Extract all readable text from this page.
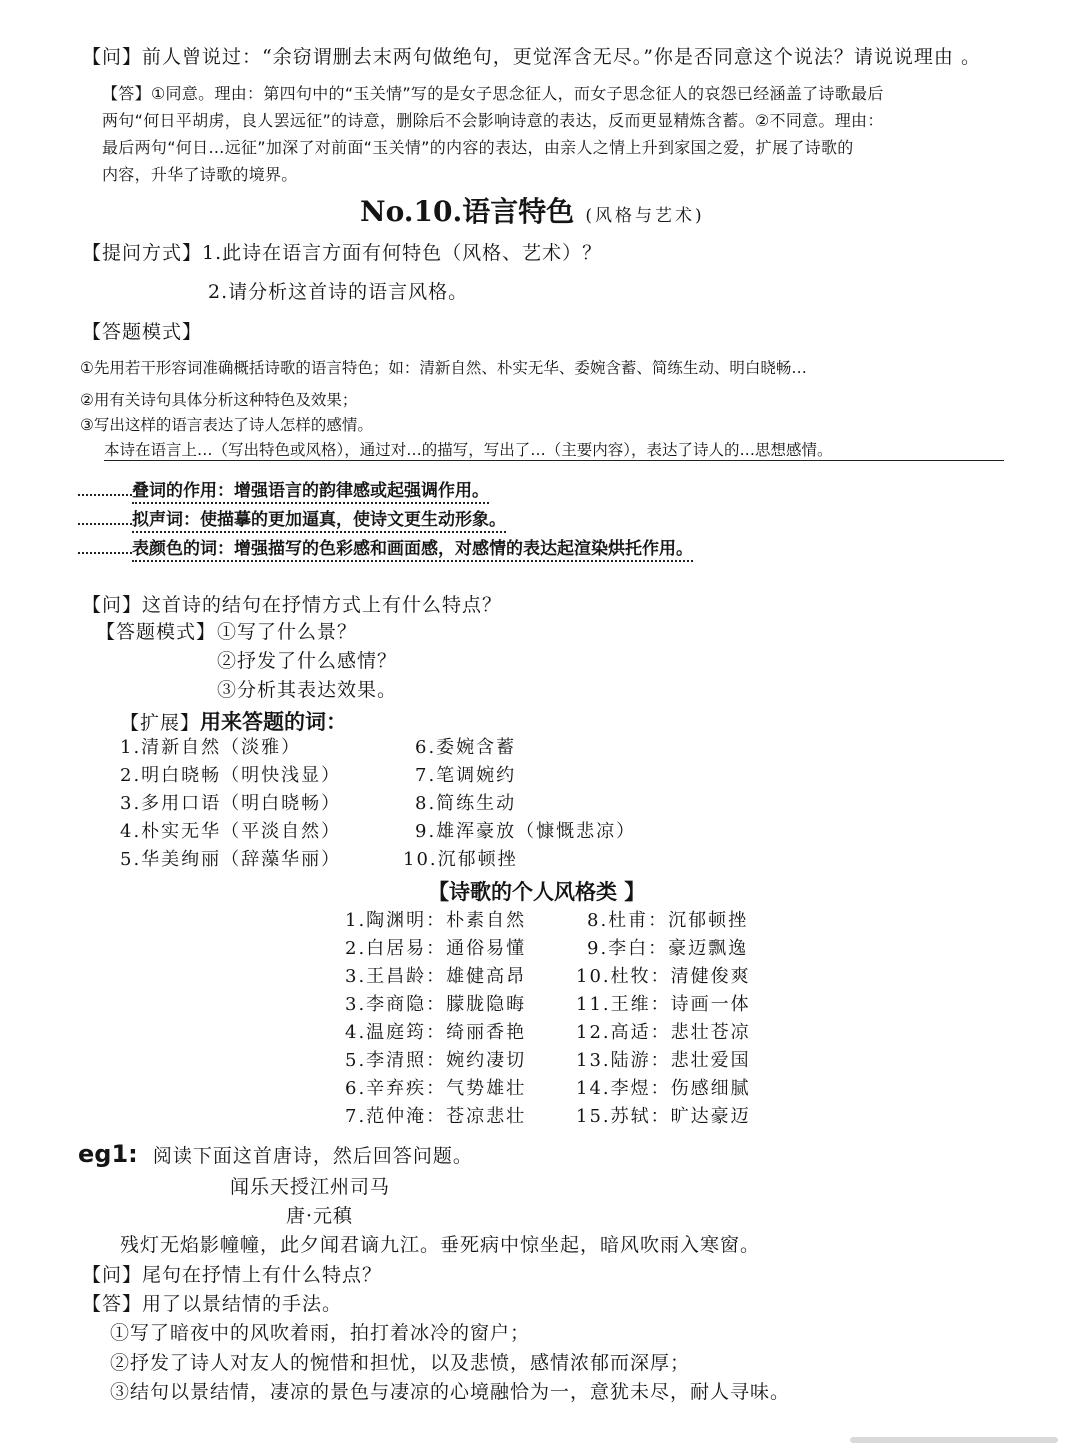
【问】前人曾说过：“余窃谓删去末两句做绝句，更觉浑含无尽。”你是否同意这个说法？请说说理由 。
【答】①同意。理由：第四句中的“玉关情”写的是女子思念征人，而女子思念征人的哀怨已经涵盖了诗歌最后
两句“何日平胡虏，良人罢远征”的诗意，删除后不会影响诗意的表达，反而更显精炼含蓄。②不同意。理由：
最后两句“何日…远征”加深了对前面“玉关情”的内容的表达，由亲人之情上升到家国之爱，扩展了诗歌的
内容，升华了诗歌的境界。
No.10.语言特色 (风格与艺术)
【提问方式】1.此诗在语言方面有何特色（风格、艺术）？
2.请分析这首诗的语言风格。
【答题模式】
①先用若干形容词准确概括诗歌的语言特色；如：清新自然、朴实无华、委婉含蓄、简练生动、明白晓畅…
②用有关诗句具体分析这种特色及效果；
③写出这样的语言表达了诗人怎样的感情。
本诗在语言上…（写出特色或风格），通过对…的描写，写出了…（主要内容），表达了诗人的…思想感情。
叠词的作用：增强语言的韵律感或起强调作用。
拟声词：使描摹的更加逼真，使诗文更生动形象。
表颜色的词：增强描写的色彩感和画面感，对感情的表达起渲染烘托作用。
【问】这首诗的结句在抒情方式上有什么特点？
【答题模式】 ①写了什么景？
②抒发了什么感情？
③分析其表达效果。
【扩展】用来答题的词：
1.清新自然（淡雅）
2.明白晓畅（明快浅显）
3.多用口语（明白晓畅）
4.朴实无华（平淡自然）
5.华美绚丽（辞藻华丽）
6.委婉含蓄
7.笔调婉约
8.简练生动
9.雄浑豪放（慷慨悲凉）
10.沉郁顿挫
【诗歌的个人风格类 】
1.陶渊明：朴素自然
2.白居易：通俗易懂
3.王昌龄：雄健高昂
3.李商隐：朦胧隐晦
4.温庭筠：绮丽香艳
5.李清照：婉约凄切
6.辛弃疾：气势雄壮
7.范仲淹：苍凉悲壮
8.杜甫：沉郁顿挫
9.李白：豪迈飘逸
10.杜牧：清健俊爽
11.王维：诗画一体
12.高适：悲壮苍凉
13.陆游：悲壮爱国
14.李煜：伤感细腻
15.苏轼：旷达豪迈
eg1: 阅读下面这首唐诗，然后回答问题。
闻乐天授江州司马
唐·元稹
残灯无焰影幢幢，此夕闻君谪九江。垂死病中惊坐起，暗风吹雨入寒窗。
【问】尾句在抒情上有什么特点？
【答】用了以景结情的手法。
①写了暗夜中的风吹着雨，拍打着冰冷的窗户；
②抒发了诗人对友人的惋惜和担忧，以及悲愤，感情浓郁而深厚；
③结句以景结情，凄凉的景色与凄凉的心境融恰为一，意犹未尽，耐人寻味。
